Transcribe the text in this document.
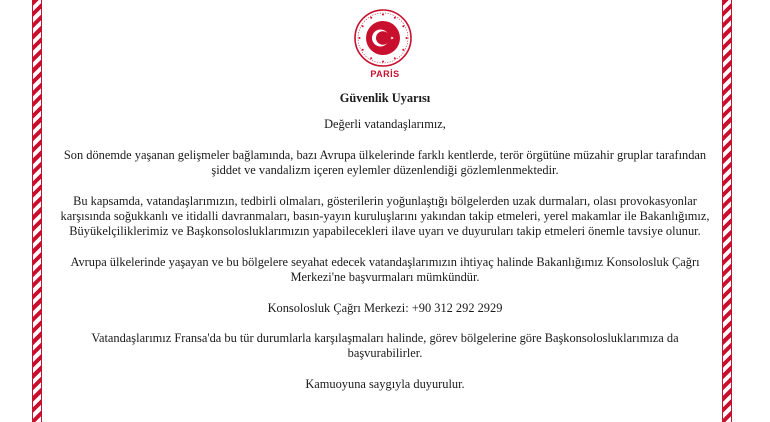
PARİS

Güvenlik Uyarısı

Değerli vatandaşlarımız,

Son dönemde yaşanan gelişmeler bağlamında, bazı Avrupa ülkelerinde farklı kentlerde, terör örgütüne müzahir gruplar tarafından şiddet ve vandalizm içeren eylemler düzenlendiği gözlemlenmektedir.

Bu kapsamda, vatandaşlarımızın, tedbirli olmaları, gösterilerin yoğunlaştığı bölgelerden uzak durmaları, olası provokasyonlar karşısında soğukkanlı ve itidalli davranmaları, basın-yayın kuruluşlarını yakından takip etmeleri, yerel makamlar ile Bakanlığımız, Büyükelçiliklerimiz ve Başkonsolosluklarımızın yapabilecekleri ilave uyarı ve duyuruları takip etmeleri önemle tavsiye olunur.

Avrupa ülkelerinde yaşayan ve bu bölgelere seyahat edecek vatandaşlarımızın ihtiyaç halinde Bakanlığımız Konsolosluk Çağrı Merkezi'ne başvurmaları mümkündür.

Konsolosluk Çağrı Merkezi: +90 312 292 2929

Vatandaşlarımız Fransa'da bu tür durumlarla karşılaşmaları halinde, görev bölgelerine göre Başkonsolosluklarımıza da başvurabilirler.

Kamuoyuna saygıyla duyurulur.
